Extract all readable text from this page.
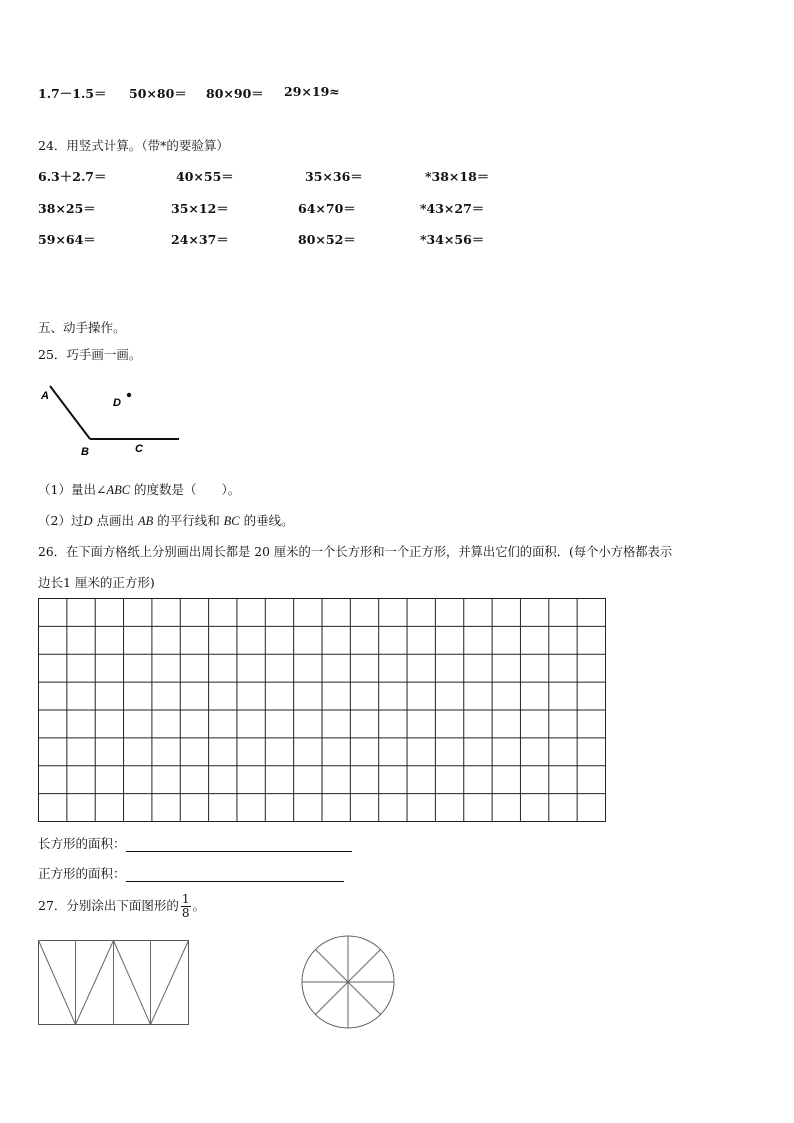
1.7－1.5＝ 50×80＝ 80×90＝ 29×19≈
24．用竖式计算。（带*的要验算）
6.3＋2.7＝	40×55＝	35×36＝	*38×18＝
38×25＝	35×12＝	64×70＝	*43×27＝
59×64＝	24×37＝	80×52＝	*34×56＝
五、动手操作。
25．巧手画一画。
A
B	C
D
（1）量出∠ABC 的度数是（　　）。
（2）过D 点画出 AB 的平行线和 BC 的垂线。
26．在下面方格纸上分别画出周长都是 20 厘米的一个长方形和一个正方形，并算出它们的面积．(每个小方格都表示
边长1 厘米的正方形)
长方形的面积：
正方形的面积：
27．分别涂出下面图形的 $\frac{1}{8}$ 。
